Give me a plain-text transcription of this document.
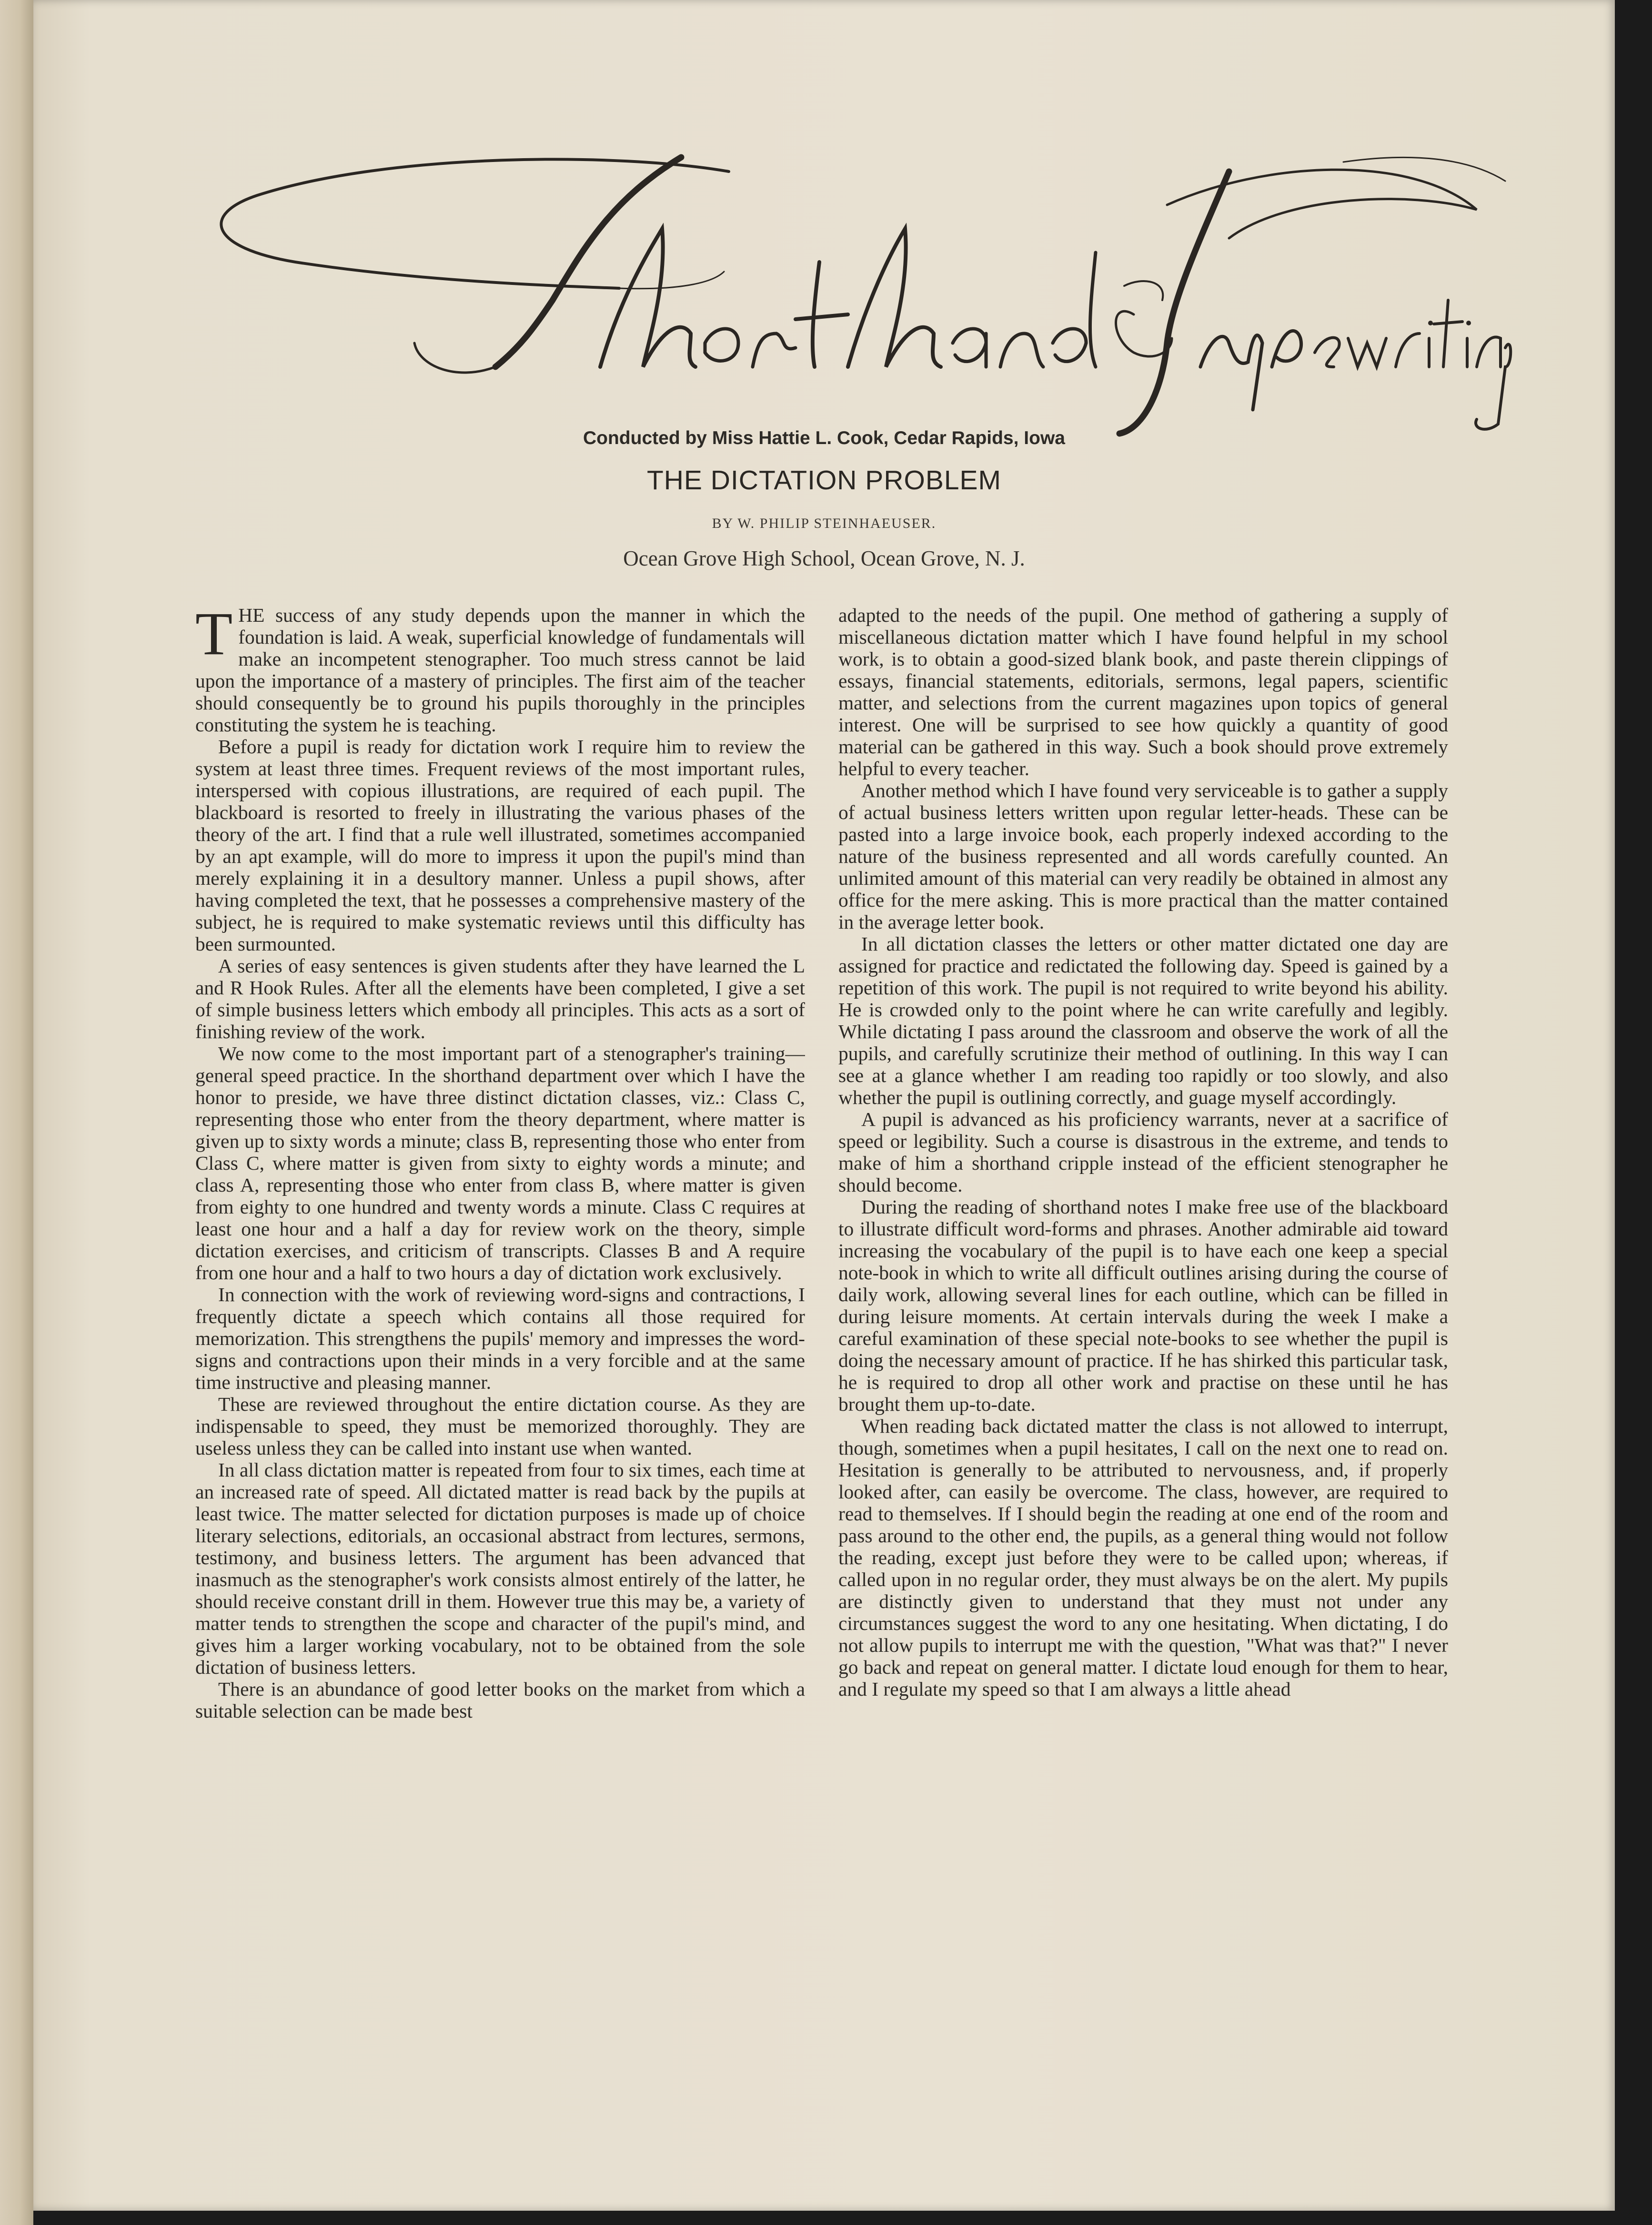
Conducted by Miss Hattie L. Cook, Cedar Rapids, Iowa
THE DICTATION PROBLEM
BY W. PHILIP STEINHAEUSER.
Ocean Grove High School, Ocean Grove, N. J.
T HE success of any study depends upon the manner in which the foundation is laid. A weak, superficial knowledge of fundamentals will make an incompetent stenographer. Too much stress cannot be laid upon the importance of a mastery of principles. The first aim of the teacher should consequently be to ground his pupils thoroughly in the principles constituting the system he is teaching.

Before a pupil is ready for dictation work I require him to review the system at least three times. Frequent reviews of the most important rules, interspersed with copious illustrations, are required of each pupil. The blackboard is resorted to freely in illustrating the various phases of the theory of the art. I find that a rule well illustrated, sometimes accompanied by an apt example, will do more to impress it upon the pupil's mind than merely explaining it in a desultory manner. Unless a pupil shows, after having completed the text, that he possesses a comprehensive mastery of the subject, he is required to make systematic reviews until this difficulty has been surmounted.

A series of easy sentences is given students after they have learned the L and R Hook Rules. After all the elements have been completed, I give a set of simple business letters which embody all principles. This acts as a sort of finishing review of the work.

We now come to the most important part of a stenographer's training—general speed practice. In the shorthand department over which I have the honor to preside, we have three distinct dictation classes, viz.: Class C, representing those who enter from the theory department, where matter is given up to sixty words a minute; class B, representing those who enter from Class C, where matter is given from sixty to eighty words a minute; and class A, representing those who enter from class B, where matter is given from eighty to one hundred and twenty words a minute. Class C requires at least one hour and a half a day for review work on the theory, simple dictation exercises, and criticism of transcripts. Classes B and A require from one hour and a half to two hours a day of dictation work exclusively.

In connection with the work of reviewing word-signs and contractions, I frequently dictate a speech which contains all those required for memorization. This strengthens the pupils' memory and impresses the word-signs and contractions upon their minds in a very forcible and at the same time instructive and pleasing manner.

These are reviewed throughout the entire dictation course. As they are indispensable to speed, they must be memorized thoroughly. They are useless unless they can be called into instant use when wanted.

In all class dictation matter is repeated from four to six times, each time at an increased rate of speed. All dictated matter is read back by the pupils at least twice. The matter selected for dictation purposes is made up of choice literary selections, editorials, an occasional abstract from lectures, sermons, testimony, and business letters. The argument has been advanced that inasmuch as the stenographer's work consists almost entirely of the latter, he should receive constant drill in them. However true this may be, a variety of matter tends to strengthen the scope and character of the pupil's mind, and gives him a larger working vocabulary, not to be obtained from the sole dictation of business letters.

There is an abundance of good letter books on the market from which a suitable selection can be made best

adapted to the needs of the pupil. One method of gathering a supply of miscellaneous dictation matter which I have found helpful in my school work, is to obtain a good-sized blank book, and paste therein clippings of essays, financial statements, editorials, sermons, legal papers, scientific matter, and selections from the current magazines upon topics of general interest. One will be surprised to see how quickly a quantity of good material can be gathered in this way. Such a book should prove extremely helpful to every teacher.

Another method which I have found very serviceable is to gather a supply of actual business letters written upon regular letter-heads. These can be pasted into a large invoice book, each properly indexed according to the nature of the business represented and all words carefully counted. An unlimited amount of this material can very readily be obtained in almost any office for the mere asking. This is more practical than the matter contained in the average letter book.

In all dictation classes the letters or other matter dictated one day are assigned for practice and redictated the following day. Speed is gained by a repetition of this work. The pupil is not required to write beyond his ability. He is crowded only to the point where he can write carefully and legibly. While dictating I pass around the classroom and observe the work of all the pupils, and carefully scrutinize their method of outlining. In this way I can see at a glance whether I am reading too rapidly or too slowly, and also whether the pupil is outlining correctly, and guage myself accordingly.

A pupil is advanced as his proficiency warrants, never at a sacrifice of speed or legibility. Such a course is disastrous in the extreme, and tends to make of him a shorthand cripple instead of the efficient stenographer he should become.

During the reading of shorthand notes I make free use of the blackboard to illustrate difficult word-forms and phrases. Another admirable aid toward increasing the vocabulary of the pupil is to have each one keep a special note-book in which to write all difficult outlines arising during the course of daily work, allowing several lines for each outline, which can be filled in during leisure moments. At certain intervals during the week I make a careful examination of these special note-books to see whether the pupil is doing the necessary amount of practice. If he has shirked this particular task, he is required to drop all other work and practise on these until he has brought them up-to-date.

When reading back dictated matter the class is not allowed to interrupt, though, sometimes when a pupil hesitates, I call on the next one to read on. Hesitation is generally to be attributed to nervousness, and, if properly looked after, can easily be overcome. The class, however, are required to read to themselves. If I should begin the reading at one end of the room and pass around to the other end, the pupils, as a general thing would not follow the reading, except just before they were to be called upon; whereas, if called upon in no regular order, they must always be on the alert. My pupils are distinctly given to understand that they must not under any circumstances suggest the word to any one hesitating. When dictating, I do not allow pupils to interrupt me with the question, "What was that?" I never go back and repeat on general matter. I dictate loud enough for them to hear, and I regulate my speed so that I am always a little ahead
